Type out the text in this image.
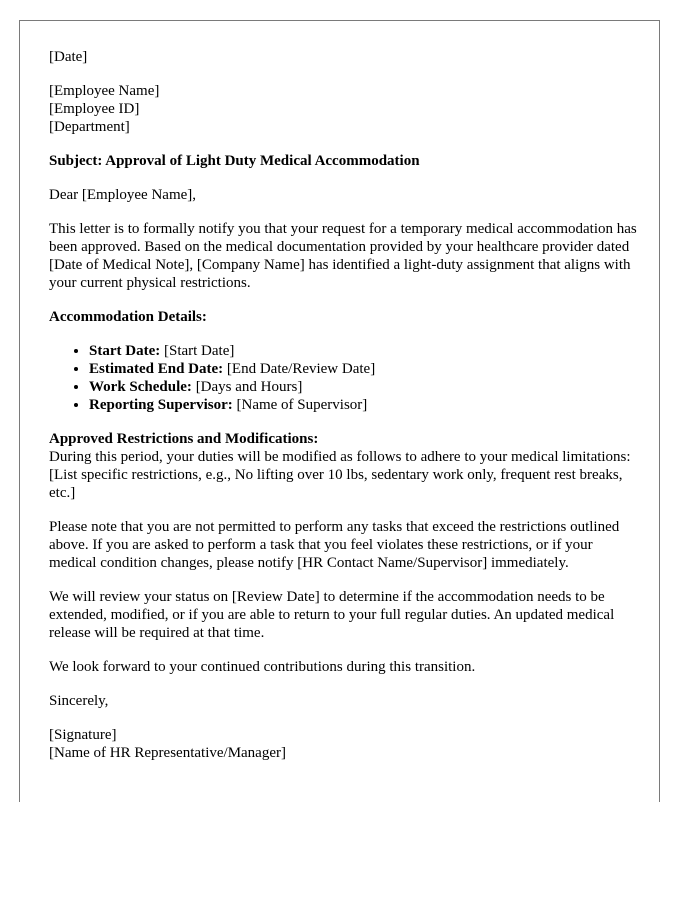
[Date]
[Employee Name]
[Employee ID]
[Department]
Subject: Approval of Light Duty Medical Accommodation

Dear [Employee Name],

This letter is to formally notify you that your request for a temporary medical accommodation has been approved. Based on the medical documentation provided by your healthcare provider dated [Date of Medical Note], [Company Name] has identified a light-duty assignment that aligns with your current physical restrictions.

Accommodation Details:
• Start Date: [Start Date]
• Estimated End Date: [End Date/Review Date]
• Work Schedule: [Days and Hours]
• Reporting Supervisor: [Name of Supervisor]
Approved Restrictions and Modifications:
During this period, your duties will be modified as follows to adhere to your medical limitations:
[List specific restrictions, e.g., No lifting over 10 lbs, sedentary work only, frequent rest breaks, etc.]

Please note that you are not permitted to perform any tasks that exceed the restrictions outlined above. If you are asked to perform a task that you feel violates these restrictions, or if your medical condition changes, please notify [HR Contact Name/Supervisor] immediately.

We will review your status on [Review Date] to determine if the accommodation needs to be extended, modified, or if you are able to return to your full regular duties. An updated medical release will be required at that time.

We look forward to your continued contributions during this transition.

Sincerely,

[Signature]
[Name of HR Representative/Manager]
